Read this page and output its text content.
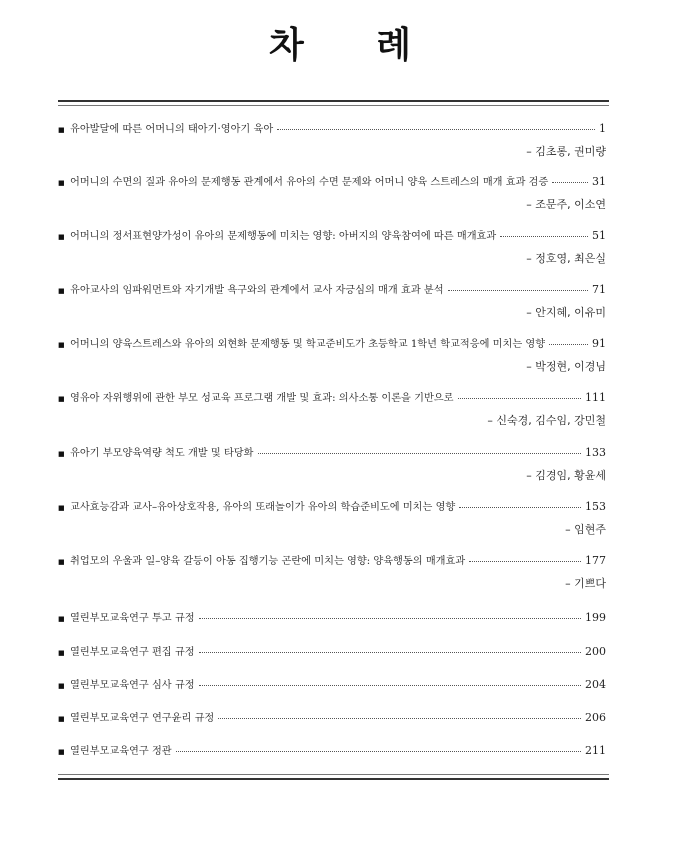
차 례
■ 유아발달에 따른 어머니의 태아기·영아기 육아	1
– 김초롱, 권미량
■ 어머니의 수면의 질과 유아의 문제행동 관계에서 유아의 수면 문제와 어머니 양육 스트레스의 매개 효과 검증	31
– 조문주, 이소연
■ 어머니의 정서표현양가성이 유아의 문제행동에 미치는 영향: 아버지의 양육참여에 따른 매개효과	51
– 정호영, 최은실
■ 유아교사의 임파워먼트와 자기개발 욕구와의 관계에서 교사 자긍심의 매개 효과 분석	71
– 안지혜, 이유미
■ 어머니의 양육스트레스와 유아의 외현화 문제행동 및 학교준비도가 초등학교 1학년 학교적응에 미치는 영향	91
– 박정현, 이경님
■ 영유아 자위행위에 관한 부모 성교육 프로그램 개발 및 효과: 의사소통 이론을 기반으로	111
– 신숙경, 김수임, 강민철
■ 유아기 부모양육역량 척도 개발 및 타당화	133
– 김경임, 황윤세
■ 교사효능감과 교사–유아상호작용, 유아의 또래놀이가 유아의 학습준비도에 미치는 영향	153
– 임현주
■ 취업모의 우울과 일–양육 갈등이 아동 집행기능 곤란에 미치는 영향: 양육행동의 매개효과	177
– 기쁘다
■ 열린부모교육연구 투고 규정	199
■ 열린부모교육연구 편집 규정	200
■ 열린부모교육연구 심사 규정	204
■ 열린부모교육연구 연구윤리 규정	206
■ 열린부모교육연구 정관	211
